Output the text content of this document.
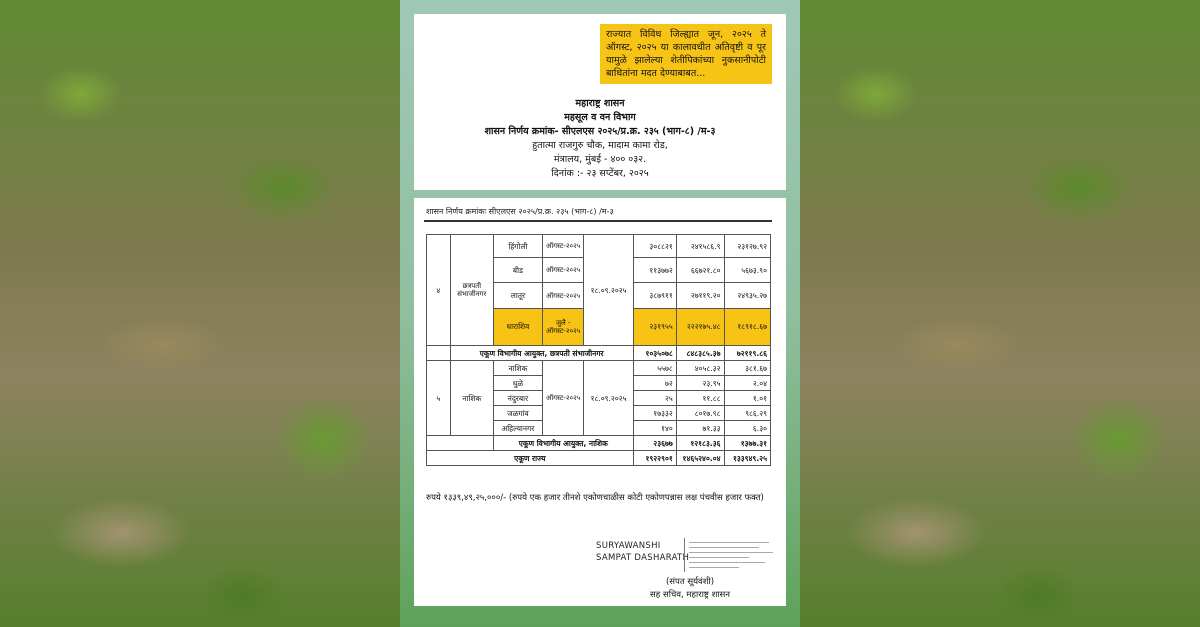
राज्यात विविध जिल्ह्यात जून, २०२५ ते ऑगस्ट, २०२५ या कालावधीत अतिवृष्टी व पूर यामुळे झालेल्या शेतीपिकांच्या नुकसानीपोटी बाधितांना मदत देण्याबाबत...
महाराष्ट्र शासन
महसूल व वन विभाग
शासन निर्णय क्रमांक- सीएलएस २०२५/प्र.क्र. २३५ (भाग-८) /म-३
हुतात्मा राजगुरु चौक, मादाम कामा रोड,
मंत्रालय, मुंबई - ४०० ०३२.
दिनांक :- २३ सप्टेंबर, २०२५
शासन निर्णय क्रमांकः सीएलएस २०२५/प्र.क्र. २३५ (भाग-८) /म-३
४	छत्रपती संभाजीनगर	हिंगोली	ऑगस्ट-२०२५	१८.०९.२०२५	३०८८२१	२४१५८६.९	२३१२७.९२
		बीड	ऑगस्ट-२०२५		११३७७२	६६७२१.८०	५६७३.९०
		लातूर	ऑगस्ट-२०२५		३८७९११	२७११९.२०	२४९३५.२७
		धाराशिव	जुलै - ऑगस्ट-२०२५		२३१९५५	२२२१७५.४८	१८९१८.६७
	एकूण विभागीय आयुक्त, छत्रपती संभाजीनगर				१०३५०७८	८४८३८५.३७	७२११९.८६
५	नाशिक	नाशिक	ऑगस्ट-२०२५	१८.०९.२०२५	५५७८	४०५८.३२	३८१.६७
		धुळे			७२	२३.९५	२.०४
		नंदुरबार			२५	११.८८	१.०१
		जळगांव			१७३३२	८०१७.९८	९८६.२९
		अहिल्यानगर			१४०	७१.३३	६.३०
		एकूण विभागीय आयुक्त, नाशिक			२३६७७	१२१८३.३६	१३७७.३१
एकूण राज्य					१९२२९०१	१४६५२४०.०४	१३३९४९.२५
रुपये १३३९,४९,२५,०००/- (रुपये एक हजार तीनशे एकोणचाळीस कोटी एकोणपन्नास लक्ष पंचवीस हजार फक्त)
SURYAWANSHI
SAMPAT DASHARATH
(संपत सूर्यवंशी)
सह सचिव, महाराष्ट्र शासन
